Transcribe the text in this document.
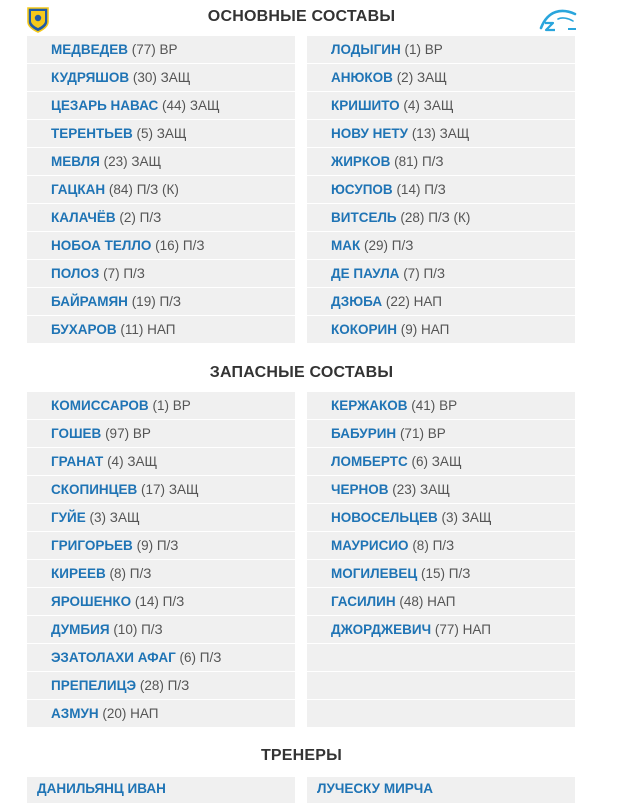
ОСНОВНЫЕ СОСТАВЫ
МЕДВЕДЕВ (77) ВР
КУДРЯШОВ (30) ЗАЩ
ЦЕЗАРЬ НАВАС (44) ЗАЩ
ТЕРЕНТЬЕВ (5) ЗАЩ
МЕВЛЯ (23) ЗАЩ
ГАЦКАН (84) П/З (К)
КАЛАЧЁВ (2) П/З
НОБОА ТЕЛЛО (16) П/З
ПОЛОЗ (7) П/З
БАЙРАМЯН (19) П/З
БУХАРОВ (11) НАП
ЛОДЫГИН (1) ВР
АНЮКОВ (2) ЗАЩ
КРИШИТО (4) ЗАЩ
НОВУ НЕТУ (13) ЗАЩ
ЖИРКОВ (81) П/З
ЮСУПОВ (14) П/З
ВИТСЕЛЬ (28) П/З (К)
МАК (29) П/З
ДЕ ПАУЛА (7) П/З
ДЗЮБА (22) НАП
КОКОРИН (9) НАП
ЗАПАСНЫЕ СОСТАВЫ
КОМИССАРОВ (1) ВР
ГОШЕВ (97) ВР
ГРАНАТ (4) ЗАЩ
СКОПИНЦЕВ (17) ЗАЩ
ГУЙЕ (3) ЗАЩ
ГРИГОРЬЕВ (9) П/З
КИРЕЕВ (8) П/З
ЯРОШЕНКО (14) П/З
ДУМБИЯ (10) П/З
ЭЗАТОЛАХИ АФАГ (6) П/З
ПРЕПЕЛИЦЭ (28) П/З
АЗМУН (20) НАП
КЕРЖАКОВ (41) ВР
БАБУРИН (71) ВР
ЛОМБЕРТС (6) ЗАЩ
ЧЕРНОВ (23) ЗАЩ
НОВОСЕЛЬЦЕВ (3) ЗАЩ
МАУРИСИО (8) П/З
МОГИЛЕВЕЦ (15) П/З
ГАСИЛИН (48) НАП
ДЖОРДЖЕВИЧ (77) НАП
ТРЕНЕРЫ
ДАНИЛЬЯНЦ ИВАН	ЛУЧЕСКУ МИРЧА
